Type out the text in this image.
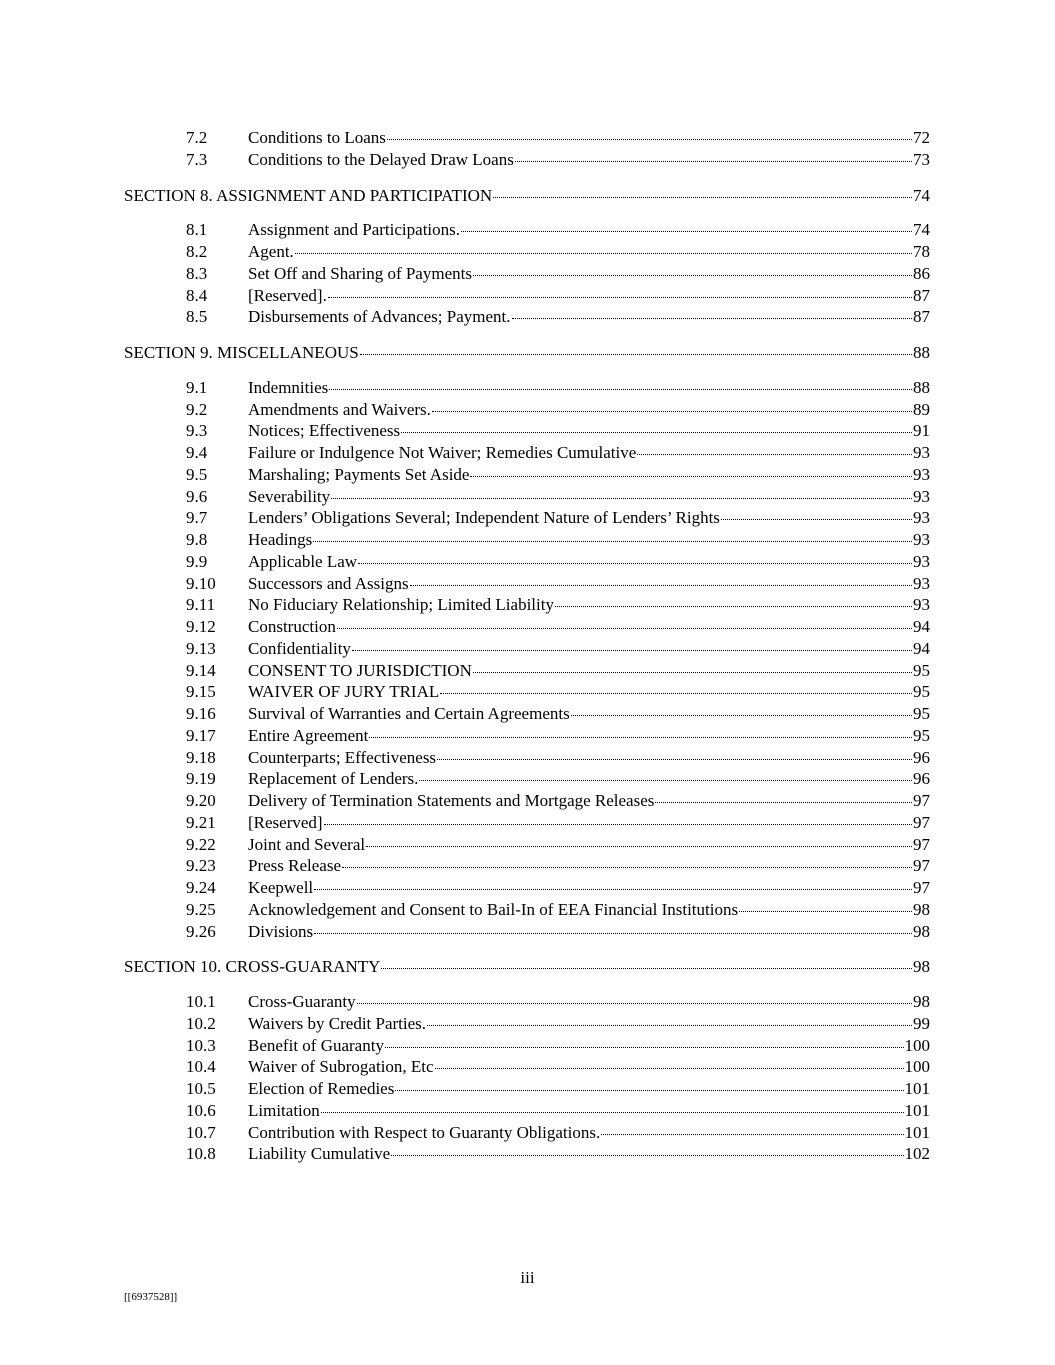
7.2	Conditions to Loans	72
7.3	Conditions to the Delayed Draw Loans	73
SECTION 8. ASSIGNMENT AND PARTICIPATION	74
8.1	Assignment and Participations.	74
8.2	Agent.	78
8.3	Set Off and Sharing of Payments	86
8.4	[Reserved].	87
8.5	Disbursements of Advances; Payment.	87
SECTION 9. MISCELLANEOUS	88
9.1	Indemnities	88
9.2	Amendments and Waivers.	89
9.3	Notices; Effectiveness	91
9.4	Failure or Indulgence Not Waiver; Remedies Cumulative	93
9.5	Marshaling; Payments Set Aside	93
9.6	Severability	93
9.7	Lenders’ Obligations Several; Independent Nature of Lenders’ Rights	93
9.8	Headings	93
9.9	Applicable Law	93
9.10	Successors and Assigns	93
9.11	No Fiduciary Relationship; Limited Liability	93
9.12	Construction	94
9.13	Confidentiality	94
9.14	CONSENT TO JURISDICTION	95
9.15	WAIVER OF JURY TRIAL	95
9.16	Survival of Warranties and Certain Agreements	95
9.17	Entire Agreement	95
9.18	Counterparts; Effectiveness	96
9.19	Replacement of Lenders.	96
9.20	Delivery of Termination Statements and Mortgage Releases	97
9.21	[Reserved]	97
9.22	Joint and Several	97
9.23	Press Release	97
9.24	Keepwell	97
9.25	Acknowledgement and Consent to Bail-In of EEA Financial Institutions	98
9.26	Divisions	98
SECTION 10. CROSS-GUARANTY	98
10.1	Cross-Guaranty	98
10.2	Waivers by Credit Parties.	99
10.3	Benefit of Guaranty	100
10.4	Waiver of Subrogation, Etc	100
10.5	Election of Remedies	101
10.6	Limitation	101
10.7	Contribution with Respect to Guaranty Obligations.	101
10.8	Liability Cumulative	102
iii
[[6937528]]
